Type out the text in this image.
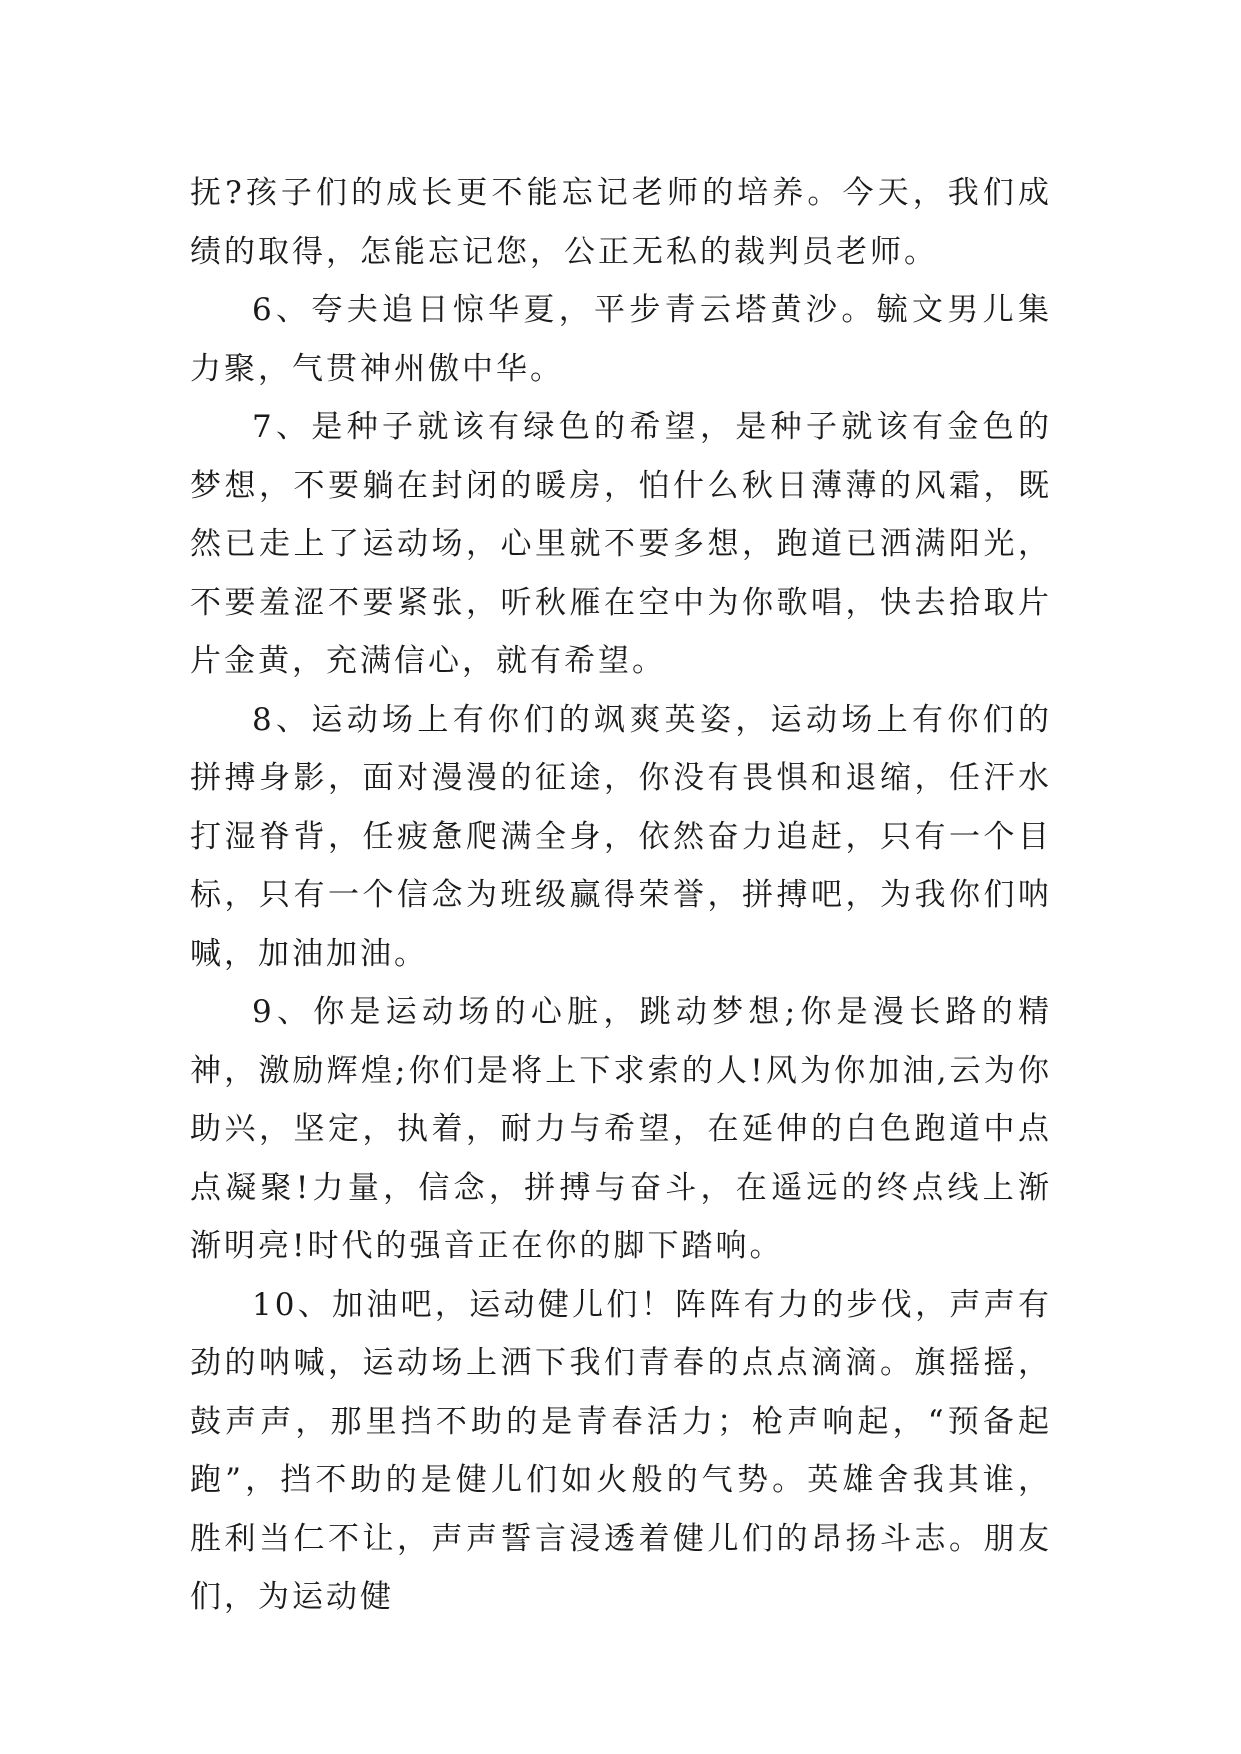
抚?孩子们的成长更不能忘记老师的培养。今天，我们成绩的取得，怎能忘记您，公正无私的裁判员老师。

6、夸夫追日惊华夏，平步青云塔黄沙。毓文男儿集力聚，气贯神州傲中华。

7、是种子就该有绿色的希望，是种子就该有金色的梦想，不要躺在封闭的暖房，怕什么秋日薄薄的风霜，既然已走上了运动场，心里就不要多想，跑道已洒满阳光，不要羞涩不要紧张，听秋雁在空中为你歌唱，快去拾取片片金黄，充满信心，就有希望。

8、运动场上有你们的飒爽英姿，运动场上有你们的拼搏身影，面对漫漫的征途，你没有畏惧和退缩，任汗水打湿脊背，任疲惫爬满全身，依然奋力追赶，只有一个目标，只有一个信念为班级赢得荣誉，拼搏吧，为我你们呐喊，加油加油。

9、你是运动场的心脏，跳动梦想;你是漫长路的精神，激励辉煌;你们是将上下求索的人!风为你加油,云为你助兴，坚定，执着，耐力与希望，在延伸的白色跑道中点点凝聚!力量，信念，拼搏与奋斗，在遥远的终点线上渐渐明亮!时代的强音正在你的脚下踏响。

10、加油吧，运动健儿们！阵阵有力的步伐，声声有劲的呐喊，运动场上洒下我们青春的点点滴滴。旗摇摇，鼓声声，那里挡不助的是青春活力；枪声响起，“预备起跑”，挡不助的是健儿们如火般的气势。英雄舍我其谁，胜利当仁不让，声声誓言浸透着健儿们的昂扬斗志。朋友们，为运动健
